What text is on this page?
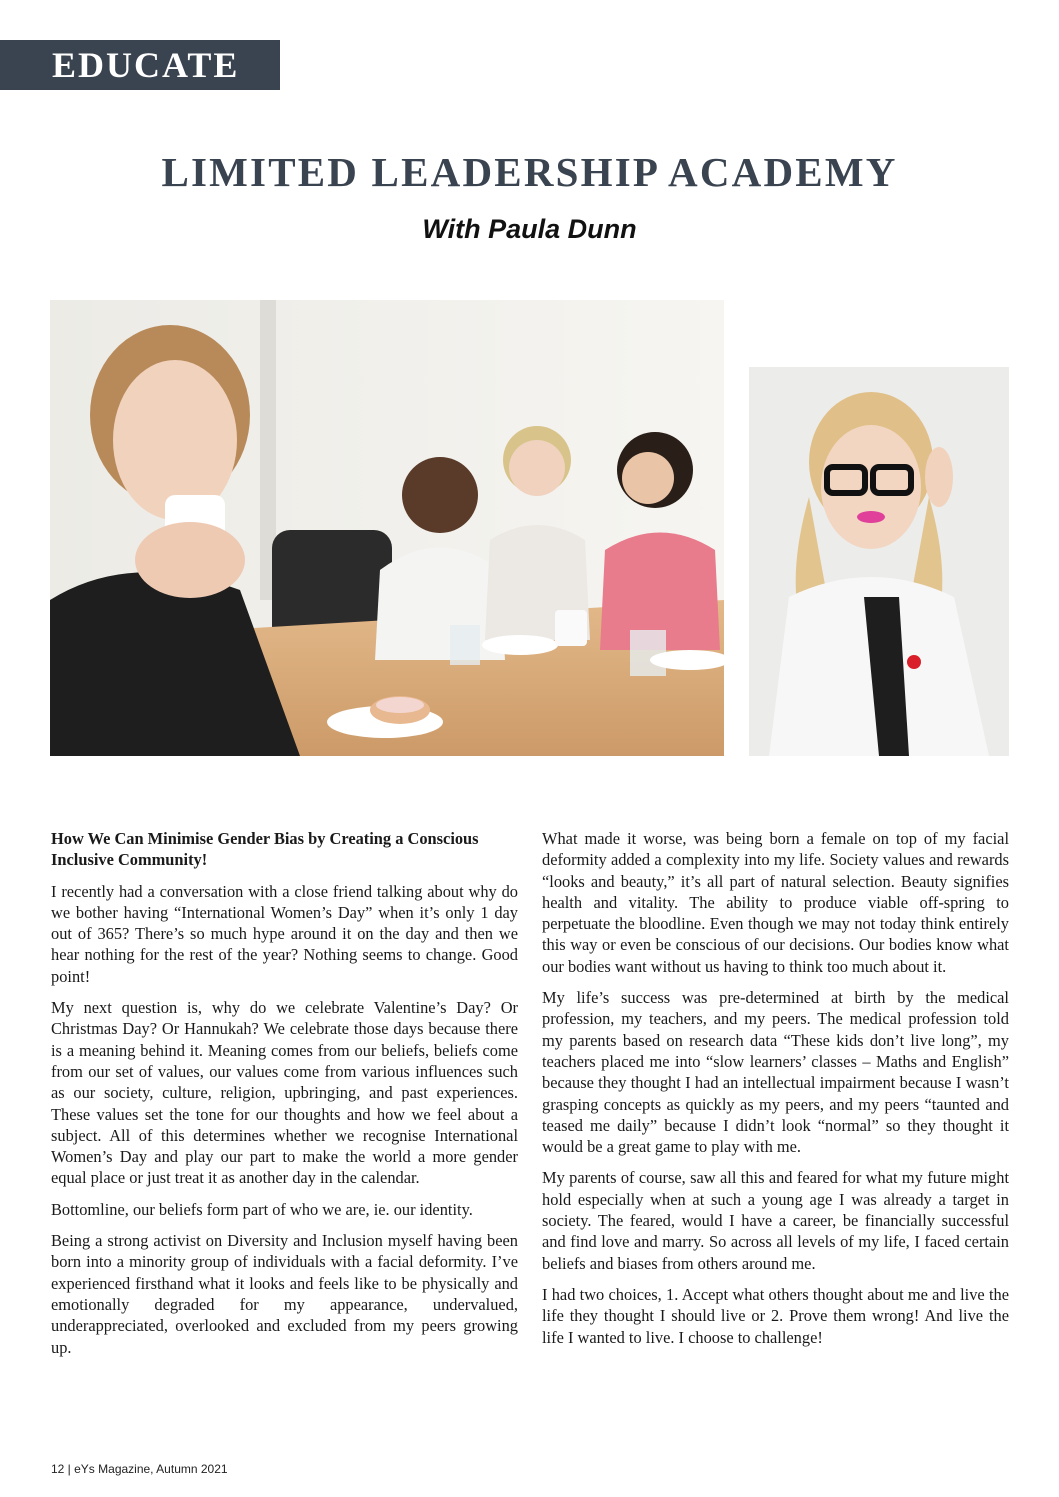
EDUCATE
LIMITED LEADERSHIP ACADEMY
With Paula Dunn
How We Can Minimise Gender Bias by Creating a Conscious Inclusive Community!

I recently had a conversation with a close friend talking about why do we bother having “International Women’s Day” when it’s only 1 day out of 365? There’s so much hype around it on the day and then we hear nothing for the rest of the year? Nothing seems to change. Good point!

My next question is, why do we celebrate Valentine’s Day? Or Christmas Day? Or Hannukah? We celebrate those days because there is a meaning behind it. Meaning comes from our beliefs, beliefs come from our set of values, our values come from various influences such as our society, culture, religion, upbringing, and past experiences. These values set the tone for our thoughts and how we feel about a subject. All of this determines whether we recognise International Women’s Day and play our part to make the world a more gender equal place or just treat it as another day in the calendar.

Bottomline, our beliefs form part of who we are, ie. our identity.

Being a strong activist on Diversity and Inclusion myself having been born into a minority group of individuals with a facial deformity. I’ve experienced firsthand what it looks and feels like to be physically and emotionally degraded for my appearance, undervalued, underappreciated, overlooked and excluded from my peers growing up.

What made it worse, was being born a female on top of my facial deformity added a complexity into my life. Society values and rewards “looks and beauty,” it’s all part of natural selection. Beauty signifies health and vitality. The ability to produce viable off-spring to perpetuate the bloodline. Even though we may not today think entirely this way or even be conscious of our decisions. Our bodies know what our bodies want without us having to think too much about it.

My life’s success was pre-determined at birth by the medical profession, my teachers, and my peers. The medical profession told my parents based on research data “These kids don’t live long”, my teachers placed me into “slow learners’ classes – Maths and English” because they thought I had an intellectual impairment because I wasn’t grasping concepts as quickly as my peers, and my peers “taunted and teased me daily” because I didn’t look “normal” so they thought it would be a great game to play with me.

My parents of course, saw all this and feared for what my future might hold especially when at such a young age I was already a target in society. The feared, would I have a career, be financially successful and find love and marry. So across all levels of my life, I faced certain beliefs and biases from others around me.

I had two choices, 1. Accept what others thought about me and live the life they thought I should live or 2. Prove them wrong! And live the life I wanted to live. I choose to challenge!

12 | eYs Magazine, Autumn 2021
